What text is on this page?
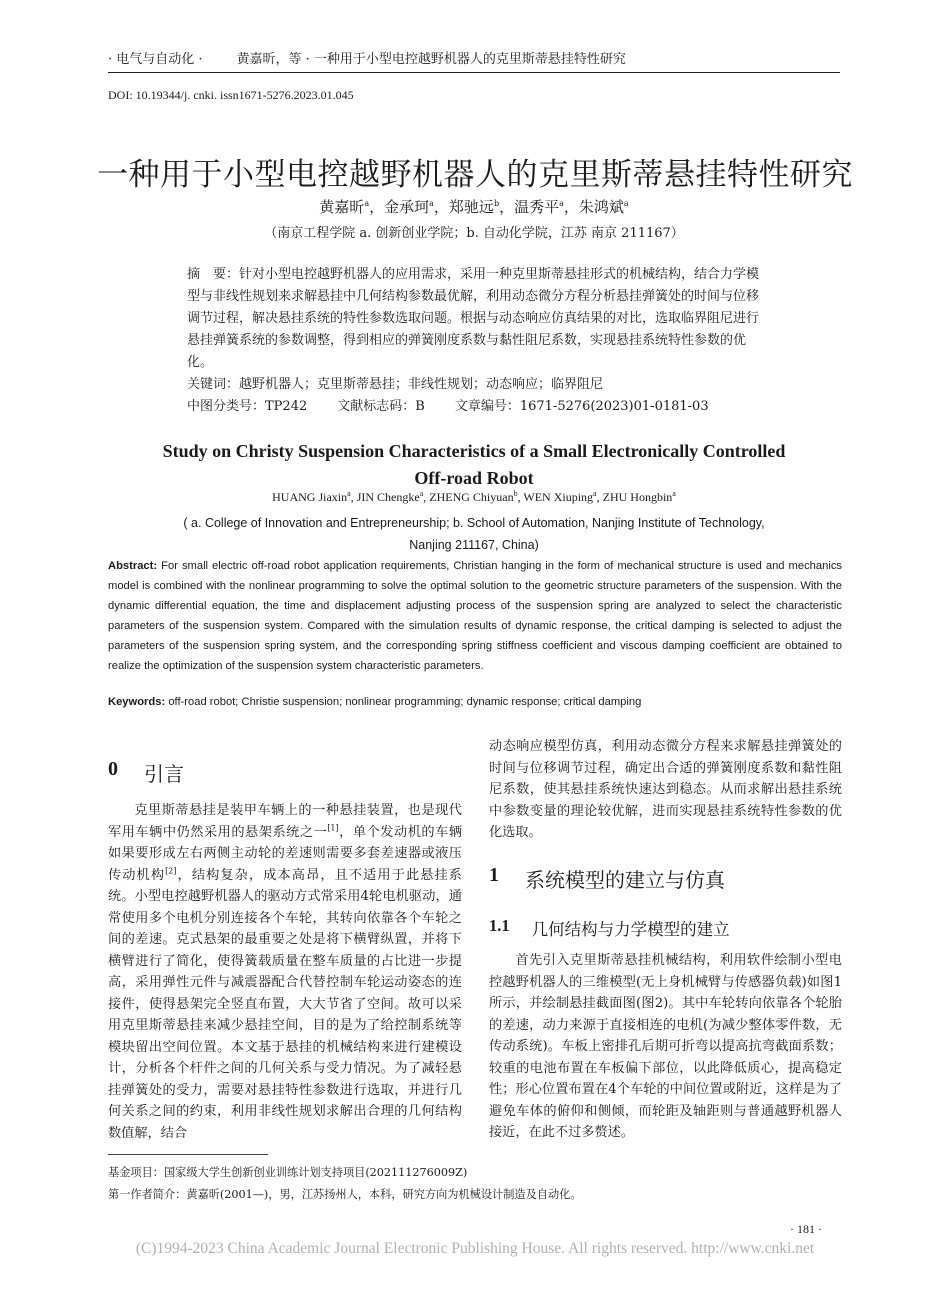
· 电气与自动化 ·	黄嘉昕，等 · 一种用于小型电控越野机器人的克里斯蒂悬挂特性研究
DOI: 10.19344/j. cnki. issn1671-5276.2023.01.045
一种用于小型电控越野机器人的克里斯蒂悬挂特性研究
黄嘉昕$^a$，金承珂$^a$，郑驰远$^b$，温秀平$^a$，朱鸿斌$^a$
（南京工程学院 a. 创新创业学院；b. 自动化学院，江苏 南京 211167）

摘　要：针对小型电控越野机器人的应用需求，采用一种克里斯蒂悬挂形式的机械结构，结合力学模型与非线性规划来求解悬挂中几何结构参数最优解，利用动态微分方程分析悬挂弹簧处的时间与位移调节过程，解决悬挂系统的特性参数选取问题。根据与动态响应仿真结果的对比，选取临界阻尼进行悬挂弹簧系统的参数调整，得到相应的弹簧刚度系数与黏性阻尼系数，实现悬挂系统特性参数的优化。

关键词：越野机器人；克里斯蒂悬挂；非线性规划；动态响应；临界阻尼

中图分类号：TP242 文献标志码：B 文章编号：1671-5276(2023)01-0181-03
Study on Christy Suspension Characteristics of a Small Electronically Controlled
Off-road Robot
HUANG Jiaxin$^a$, JIN Chengke$^a$, ZHENG Chiyuan$^b$, WEN Xiuping$^a$, ZHU Hongbin$^a$
( a. College of Innovation and Entrepreneurship; b. School of Automation, Nanjing Institute of Technology,
Nanjing 211167, China)
Abstract: For small electric off-road robot application requirements, Christian hanging in the form of mechanical structure is used and mechanics model is combined with the nonlinear programming to solve the optimal solution to the geometric structure parameters of the suspension. With the dynamic differential equation, the time and displacement adjusting process of the suspension spring are analyzed to select the characteristic parameters of the suspension system. Compared with the simulation results of dynamic response, the critical damping is selected to adjust the parameters of the suspension spring system, and the corresponding spring stiffness coefficient and viscous damping coefficient are obtained to realize the optimization of the suspension system characteristic parameters.
Keywords: off-road robot; Christie suspension; nonlinear programming; dynamic response; critical damping
0 引言

克里斯蒂悬挂是装甲车辆上的一种悬挂装置，也是现代军用车辆中仍然采用的悬架系统之一[1]，单个发动机的车辆如果要形成左右两侧主动轮的差速则需要多套差速器或液压传动机构[2]，结构复杂，成本高昂，且不适用于此悬挂系统。小型电控越野机器人的驱动方式常采用4轮电机驱动，通常使用多个电机分别连接各个车轮，其转向依靠各个车轮之间的差速。克式悬架的最重要之处是将下横臂纵置，并将下横臂进行了简化，使得簧载质量在整车质量的占比进一步提高，采用弹性元件与减震器配合代替控制车轮运动姿态的连接件，使得悬架完全竖直布置，大大节省了空间。故可以采用克里斯蒂悬挂来减少悬挂空间，目的是为了给控制系统等模块留出空间位置。本文基于悬挂的机械结构来进行建模设计，分析各个杆件之间的几何关系与受力情况。为了减轻悬挂弹簧处的受力，需要对悬挂特性参数进行选取，并进行几何关系之间的约束，利用非线性规划求解出合理的几何结构数值解，结合

动态响应模型仿真，利用动态微分方程来求解悬挂弹簧处的时间与位移调节过程，确定出合适的弹簧刚度系数和黏性阻尼系数，使其悬挂系统快速达到稳态。从而求解出悬挂系统中参数变量的理论较优解，进而实现悬挂系统特性参数的优化选取。

1 系统模型的建立与仿真
1.1 几何结构与力学模型的建立

首先引入克里斯蒂悬挂机械结构，利用软件绘制小型电控越野机器人的三维模型(无上身机械臂与传感器负载)如图1所示，并绘制悬挂截面图(图2)。其中车轮转向依靠各个轮胎的差速，动力来源于直接相连的电机(为减少整体零件数，无传动系统)。车板上密排孔后期可折弯以提高抗弯截面系数；较重的电池布置在车板偏下部位，以此降低质心，提高稳定性；形心位置布置在4个车轮的中间位置或附近，这样是为了避免车体的俯仰和侧倾，而轮距及轴距则与普通越野机器人接近，在此不过多赘述。

基金项目：国家级大学生创新创业训练计划支持项目(202111276009Z)
第一作者简介：黄嘉昕(2001—)，男，江苏扬州人，本科，研究方向为机械设计制造及自动化。
· 181 ·
(C)1994-2023 China Academic Journal Electronic Publishing House. All rights reserved. http://www.cnki.net
